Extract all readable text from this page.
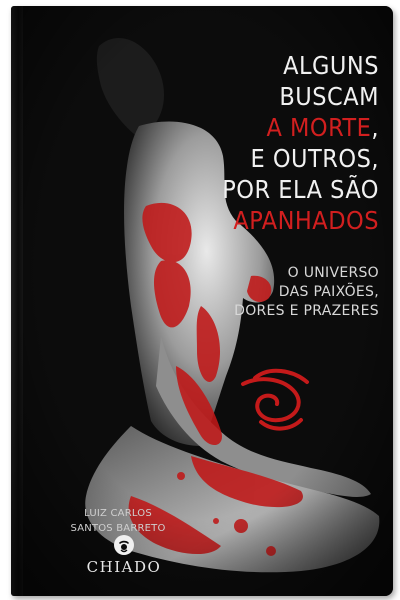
ALGUNS
BUSCAM
A MORTE,
E OUTROS,
POR ELA SÃO
APANHADOS
O UNIVERSO
DAS PAIXÕES,
DORES E PRAZERES
LUIZ CARLOS
SANTOS BARRETO
CHIADO
